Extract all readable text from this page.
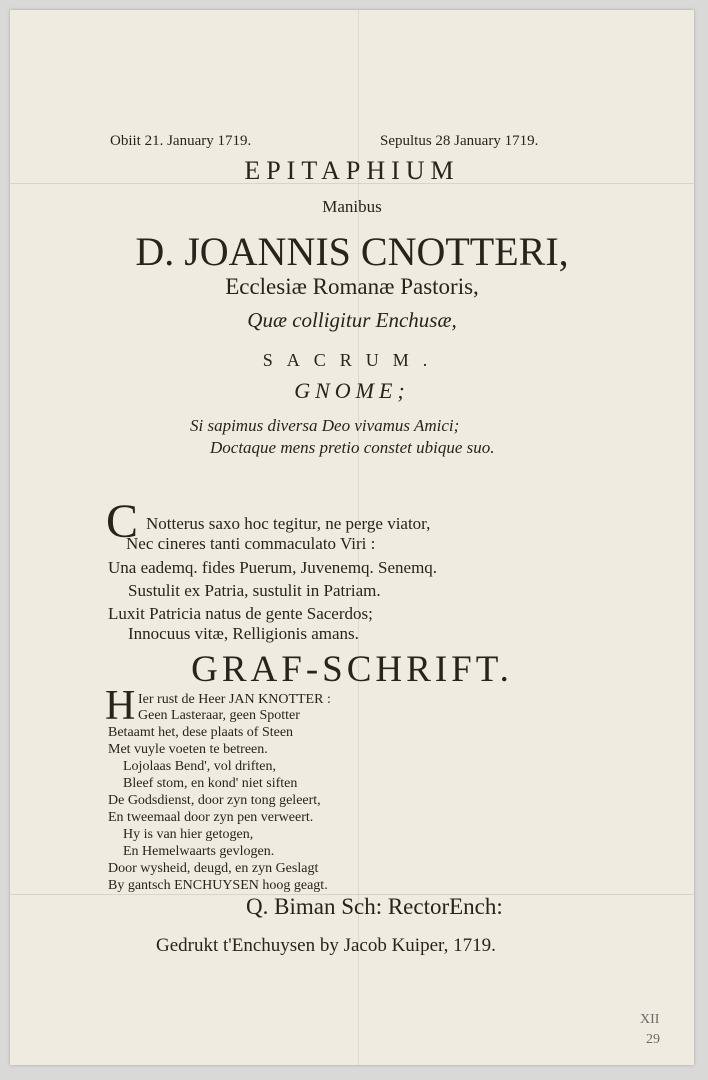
Obiit 21. January 1719.	Sepultus 28 January 1719.
EPITAPHIUM
Manibus
D. JOANNIS CNOTTERI,
Ecclesiæ Romanæ Pastoris,
Quæ colligitur Enchusæ,
SACRUM.
GNOME;
Si sapimus diversa Deo vivamus Amici;
Doctaque mens pretio constet ubique suo.
C Notterus saxo hoc tegitur, ne perge viator,
Nec cineres tanti commaculato Viri :
Una eademq. fides Puerum, Juvenemq. Senemq.
Sustulit ex Patria, sustulit in Patriam.
Luxit Patricia natus de gente Sacerdos;
Innocuus vitæ, Relligionis amans.
GRAF-SCHRIFT.
H Ier rust de Heer JAN KNOTTER :
Geen Lasteraar, geen Spotter
Betaamt het, dese plaats of Steen
Met vuyle voeten te betreen.
Lojolaas Bend', vol driften,
Bleef stom, en kond' niet siften
De Godsdienst, door zyn tong geleert,
En tweemaal door zyn pen verweert.
Hy is van hier getogen,
En Hemelwaarts gevlogen.
Door wysheid, deugd, en zyn Geslagt
By gantsch ENCHUYSEN hoog geagt.
Q. Biman Sch: RectorEnch:
Gedrukt t'Enchuysen by Jacob Kuiper, 1719.
XII
29
